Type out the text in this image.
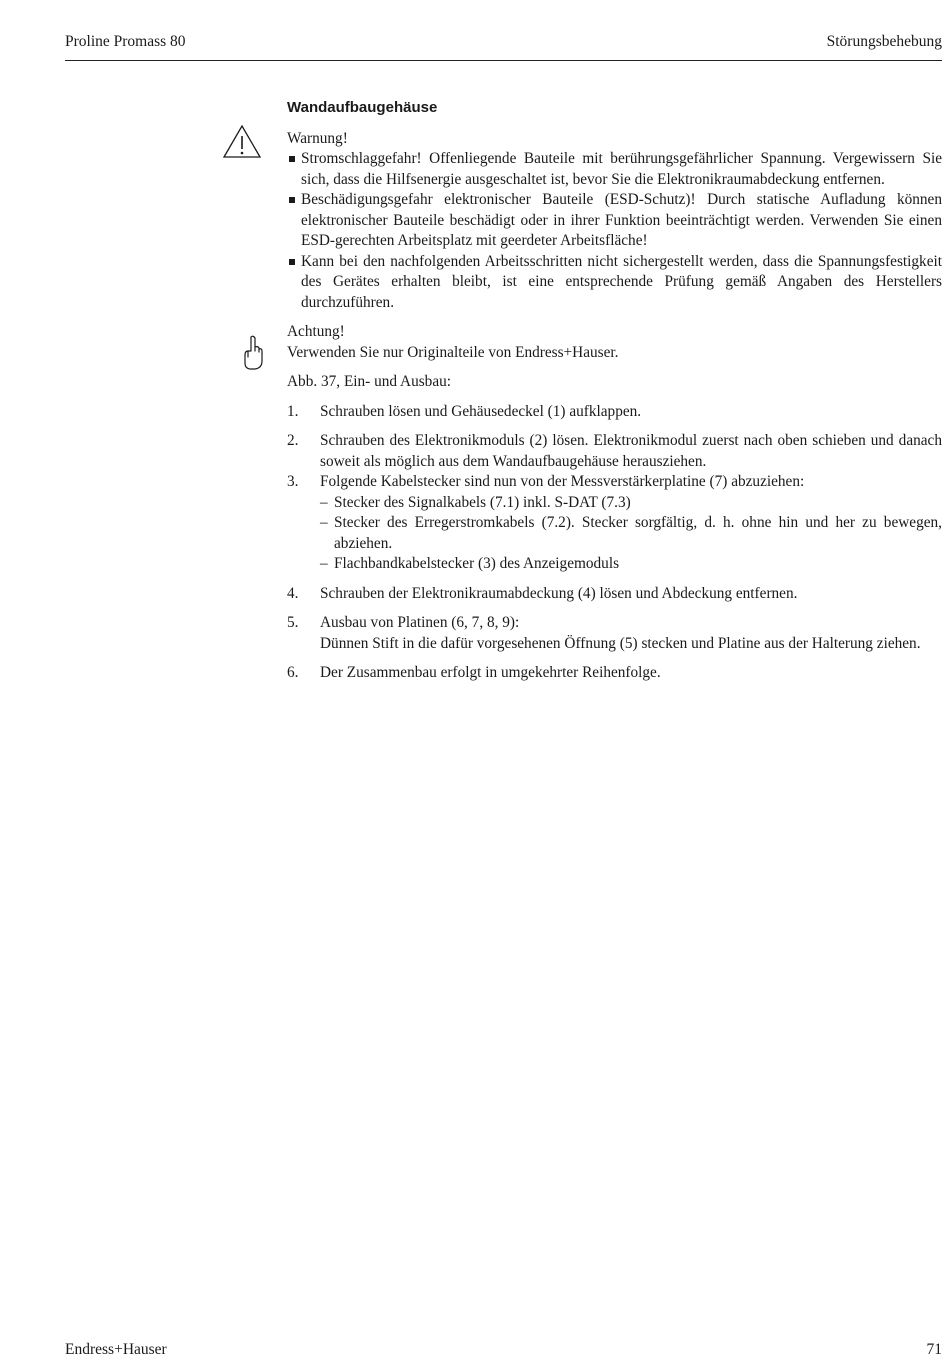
Proline Promass 80	Störungsbehebung
Wandaufbaugehäuse
Warnung!
Stromschlaggefahr! Offenliegende Bauteile mit berührungsgefährlicher Spannung. Vergewissern Sie sich, dass die Hilfsenergie ausgeschaltet ist, bevor Sie die Elektronikraumabdeckung entfernen.
Beschädigungsgefahr elektronischer Bauteile (ESD-Schutz)! Durch statische Aufladung können elektronischer Bauteile beschädigt oder in ihrer Funktion beeinträchtigt werden. Verwenden Sie einen ESD-gerechten Arbeitsplatz mit geerdeter Arbeitsfläche!
Kann bei den nachfolgenden Arbeitsschritten nicht sichergestellt werden, dass die Spannungsfestigkeit des Gerätes erhalten bleibt, ist eine entsprechende Prüfung gemäß Angaben des Herstellers durchzuführen.
Achtung!
Verwenden Sie nur Originalteile von Endress+Hauser.
Abb. 37, Ein- und Ausbau:
1. Schrauben lösen und Gehäusedeckel (1) aufklappen.
2. Schrauben des Elektronikmoduls (2) lösen. Elektronikmodul zuerst nach oben schieben und danach soweit als möglich aus dem Wandaufbaugehäuse herausziehen.
3. Folgende Kabelstecker sind nun von der Messverstärkerplatine (7) abzuziehen:
– Stecker des Signalkabels (7.1) inkl. S-DAT (7.3)
– Stecker des Erregerstromkabels (7.2). Stecker sorgfältig, d. h. ohne hin und her zu bewegen, abziehen.
– Flachbandkabelstecker (3) des Anzeigemoduls
4. Schrauben der Elektronikraumabdeckung (4) lösen und Abdeckung entfernen.
5. Ausbau von Platinen (6, 7, 8, 9):
Dünnen Stift in die dafür vorgesehenen Öffnung (5) stecken und Platine aus der Halterung ziehen.
6. Der Zusammenbau erfolgt in umgekehrter Reihenfolge.
Endress+Hauser	71
